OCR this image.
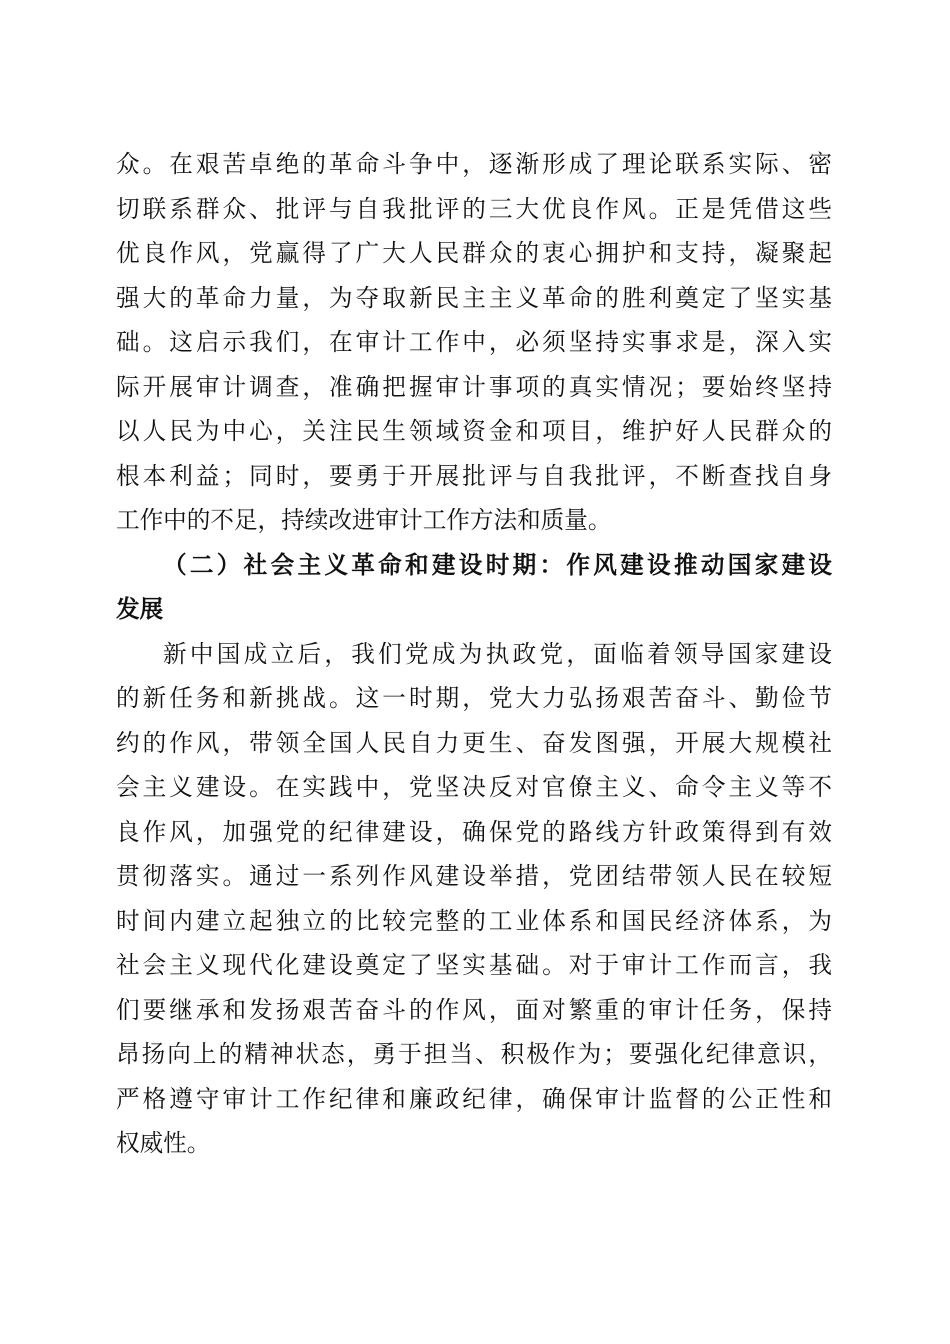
众。在艰苦卓绝的革命斗争中，逐渐形成了理论联系实际、密
切联系群众、批评与自我批评的三大优良作风。正是凭借这些
优良作风，党赢得了广大人民群众的衷心拥护和支持，凝聚起
强大的革命力量，为夺取新民主主义革命的胜利奠定了坚实基
础。这启示我们，在审计工作中，必须坚持实事求是，深入实
际开展审计调查，准确把握审计事项的真实情况；要始终坚持
以人民为中心，关注民生领域资金和项目，维护好人民群众的
根本利益；同时，要勇于开展批评与自我批评，不断查找自身
工作中的不足，持续改进审计工作方法和质量。
（二）社会主义革命和建设时期：作风建设推动国家建设
发展
新中国成立后，我们党成为执政党，面临着领导国家建设
的新任务和新挑战。这一时期，党大力弘扬艰苦奋斗、勤俭节
约的作风，带领全国人民自力更生、奋发图强，开展大规模社
会主义建设。在实践中，党坚决反对官僚主义、命令主义等不
良作风，加强党的纪律建设，确保党的路线方针政策得到有效
贯彻落实。通过一系列作风建设举措，党团结带领人民在较短
时间内建立起独立的比较完整的工业体系和国民经济体系，为
社会主义现代化建设奠定了坚实基础。对于审计工作而言，我
们要继承和发扬艰苦奋斗的作风，面对繁重的审计任务，保持
昂扬向上的精神状态，勇于担当、积极作为；要强化纪律意识，
严格遵守审计工作纪律和廉政纪律，确保审计监督的公正性和
权威性。
